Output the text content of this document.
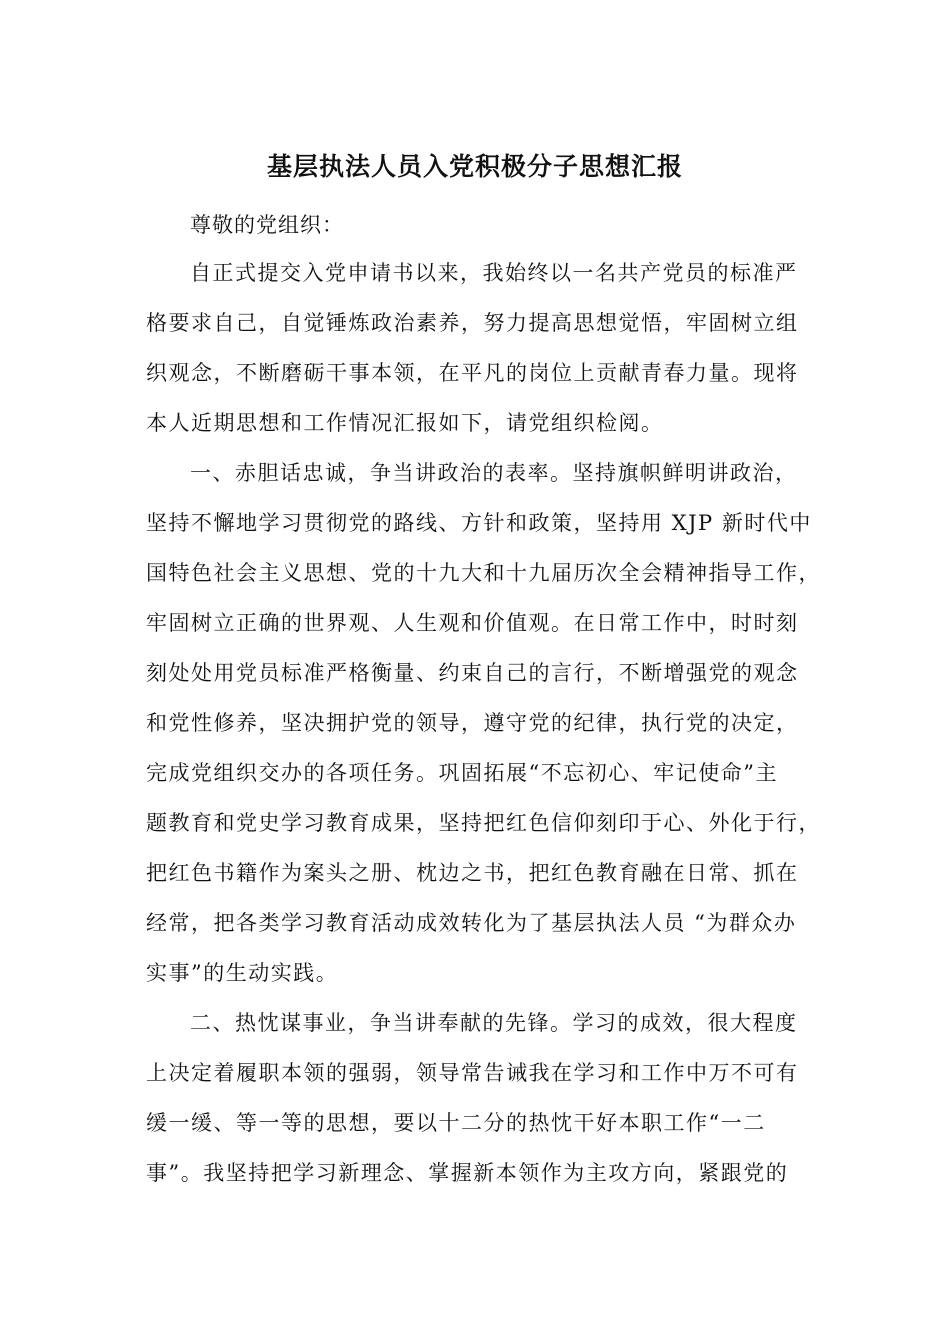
基层执法人员入党积极分子思想汇报

尊敬的党组织：

自正式提交入党申请书以来，我始终以一名共产党员的标准严

格要求自己，自觉锤炼政治素养，努力提高思想觉悟，牢固树立组

织观念，不断磨砺干事本领，在平凡的岗位上贡献青春力量。现将

本人近期思想和工作情况汇报如下，请党组织检阅。

一、赤胆话忠诚，争当讲政治的表率。坚持旗帜鲜明讲政治，

坚持不懈地学习贯彻党的路线、方针和政策，坚持用 XJP 新时代中

国特色社会主义思想、党的十九大和十九届历次全会精神指导工作，

牢固树立正确的世界观、人生观和价值观。在日常工作中，时时刻

刻处处用党员标准严格衡量、约束自己的言行，不断增强党的观念

和党性修养，坚决拥护党的领导，遵守党的纪律，执行党的决定，

完成党组织交办的各项任务。巩固拓展“不忘初心、牢记使命”主

题教育和党史学习教育成果，坚持把红色信仰刻印于心、外化于行，

把红色书籍作为案头之册、枕边之书，把红色教育融在日常、抓在

经常，把各类学习教育活动成效转化为了基层执法人员 “为群众办

实事”的生动实践。

二、热忱谋事业，争当讲奉献的先锋。学习的成效，很大程度

上决定着履职本领的强弱，领导常告诫我在学习和工作中万不可有

缓一缓、等一等的思想，要以十二分的热忱干好本职工作“一二

事”。我坚持把学习新理念、掌握新本领作为主攻方向，紧跟党的
